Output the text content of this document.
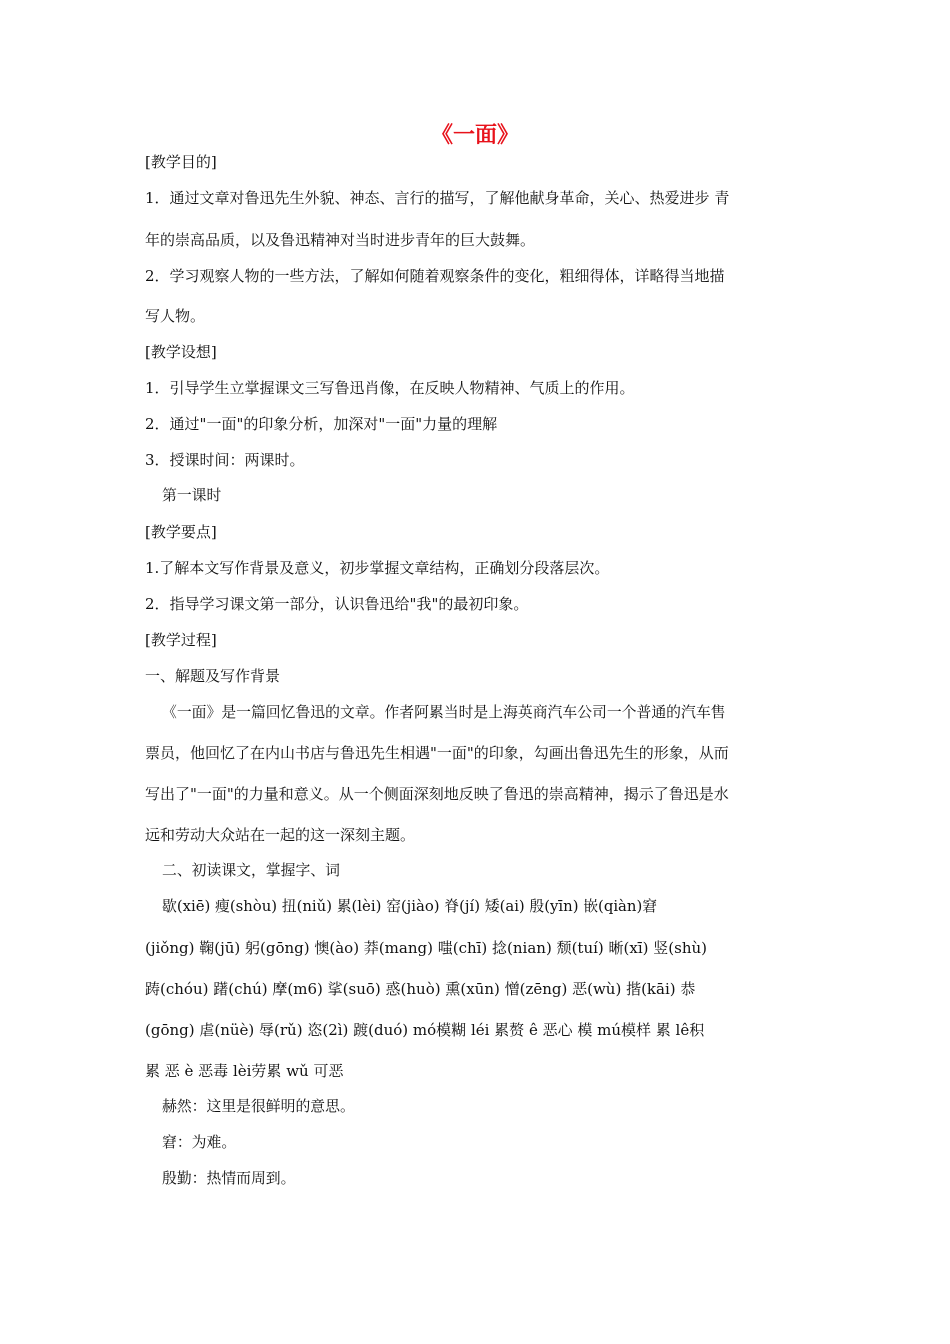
《一面》
[教学目的]
1．通过文章对鲁迅先生外貌、神态、言行的描写，了解他献身革命，关心、热爱进步 青
年的崇高品质，以及鲁迅精神对当时进步青年的巨大鼓舞。
2．学习观察人物的一些方法，了解如何随着观察条件的变化，粗细得体，详略得当地描
写人物。
[教学设想]
1．引导学生立掌握课文三写鲁迅肖像，在反映人物精神、气质上的作用。
2．通过"一面"的印象分析，加深对"一面"力量的理解
3．授课时间：两课时。
第一课时
[教学要点]
1.了解本文写作背景及意义，初步掌握文章结构，正确划分段落层次。
2．指导学习课文第一部分，认识鲁迅给"我"的最初印象。
[教学过程]
一、解题及写作背景
《一面》是一篇回忆鲁迅的文章。作者阿累当时是上海英商汽车公司一个普通的汽车售
票员，他回忆了在内山书店与鲁迅先生相遇"一面"的印象，勾画出鲁迅先生的形象，从而
写出了"一面"的力量和意义。从一个侧面深刻地反映了鲁迅的崇高精神，揭示了鲁迅是水
远和劳动大众站在一起的这一深刻主题。
二、初读课文，掌握字、词
歇(xiē) 瘦(shòu) 扭(niǔ) 累(lèi) 窑(jiào) 脊(jí) 矮(ai) 殷(yīn) 嵌(qiàn)窘
(jiǒng) 鞠(jū) 躬(gōng) 懊(ào) 莽(mang) 嗤(chī) 捻(nian) 颓(tuí) 晰(xī) 竖(shù)
踌(chóu) 躇(chú) 摩(m6) 挲(suō) 惑(huò) 熏(xūn) 憎(zēng) 恶(wù) 揩(kāi) 恭
(gōng) 虐(nüè) 辱(rǔ) 恣(2ì) 踱(duó) mó模糊 léi 累赘 ê 恶心 模 mú模样 累 lê积
累 恶 è 恶毒 lèi劳累 wǔ 可恶
赫然：这里是很鲜明的意思。
窘：为难。
殷勤：热情而周到。
